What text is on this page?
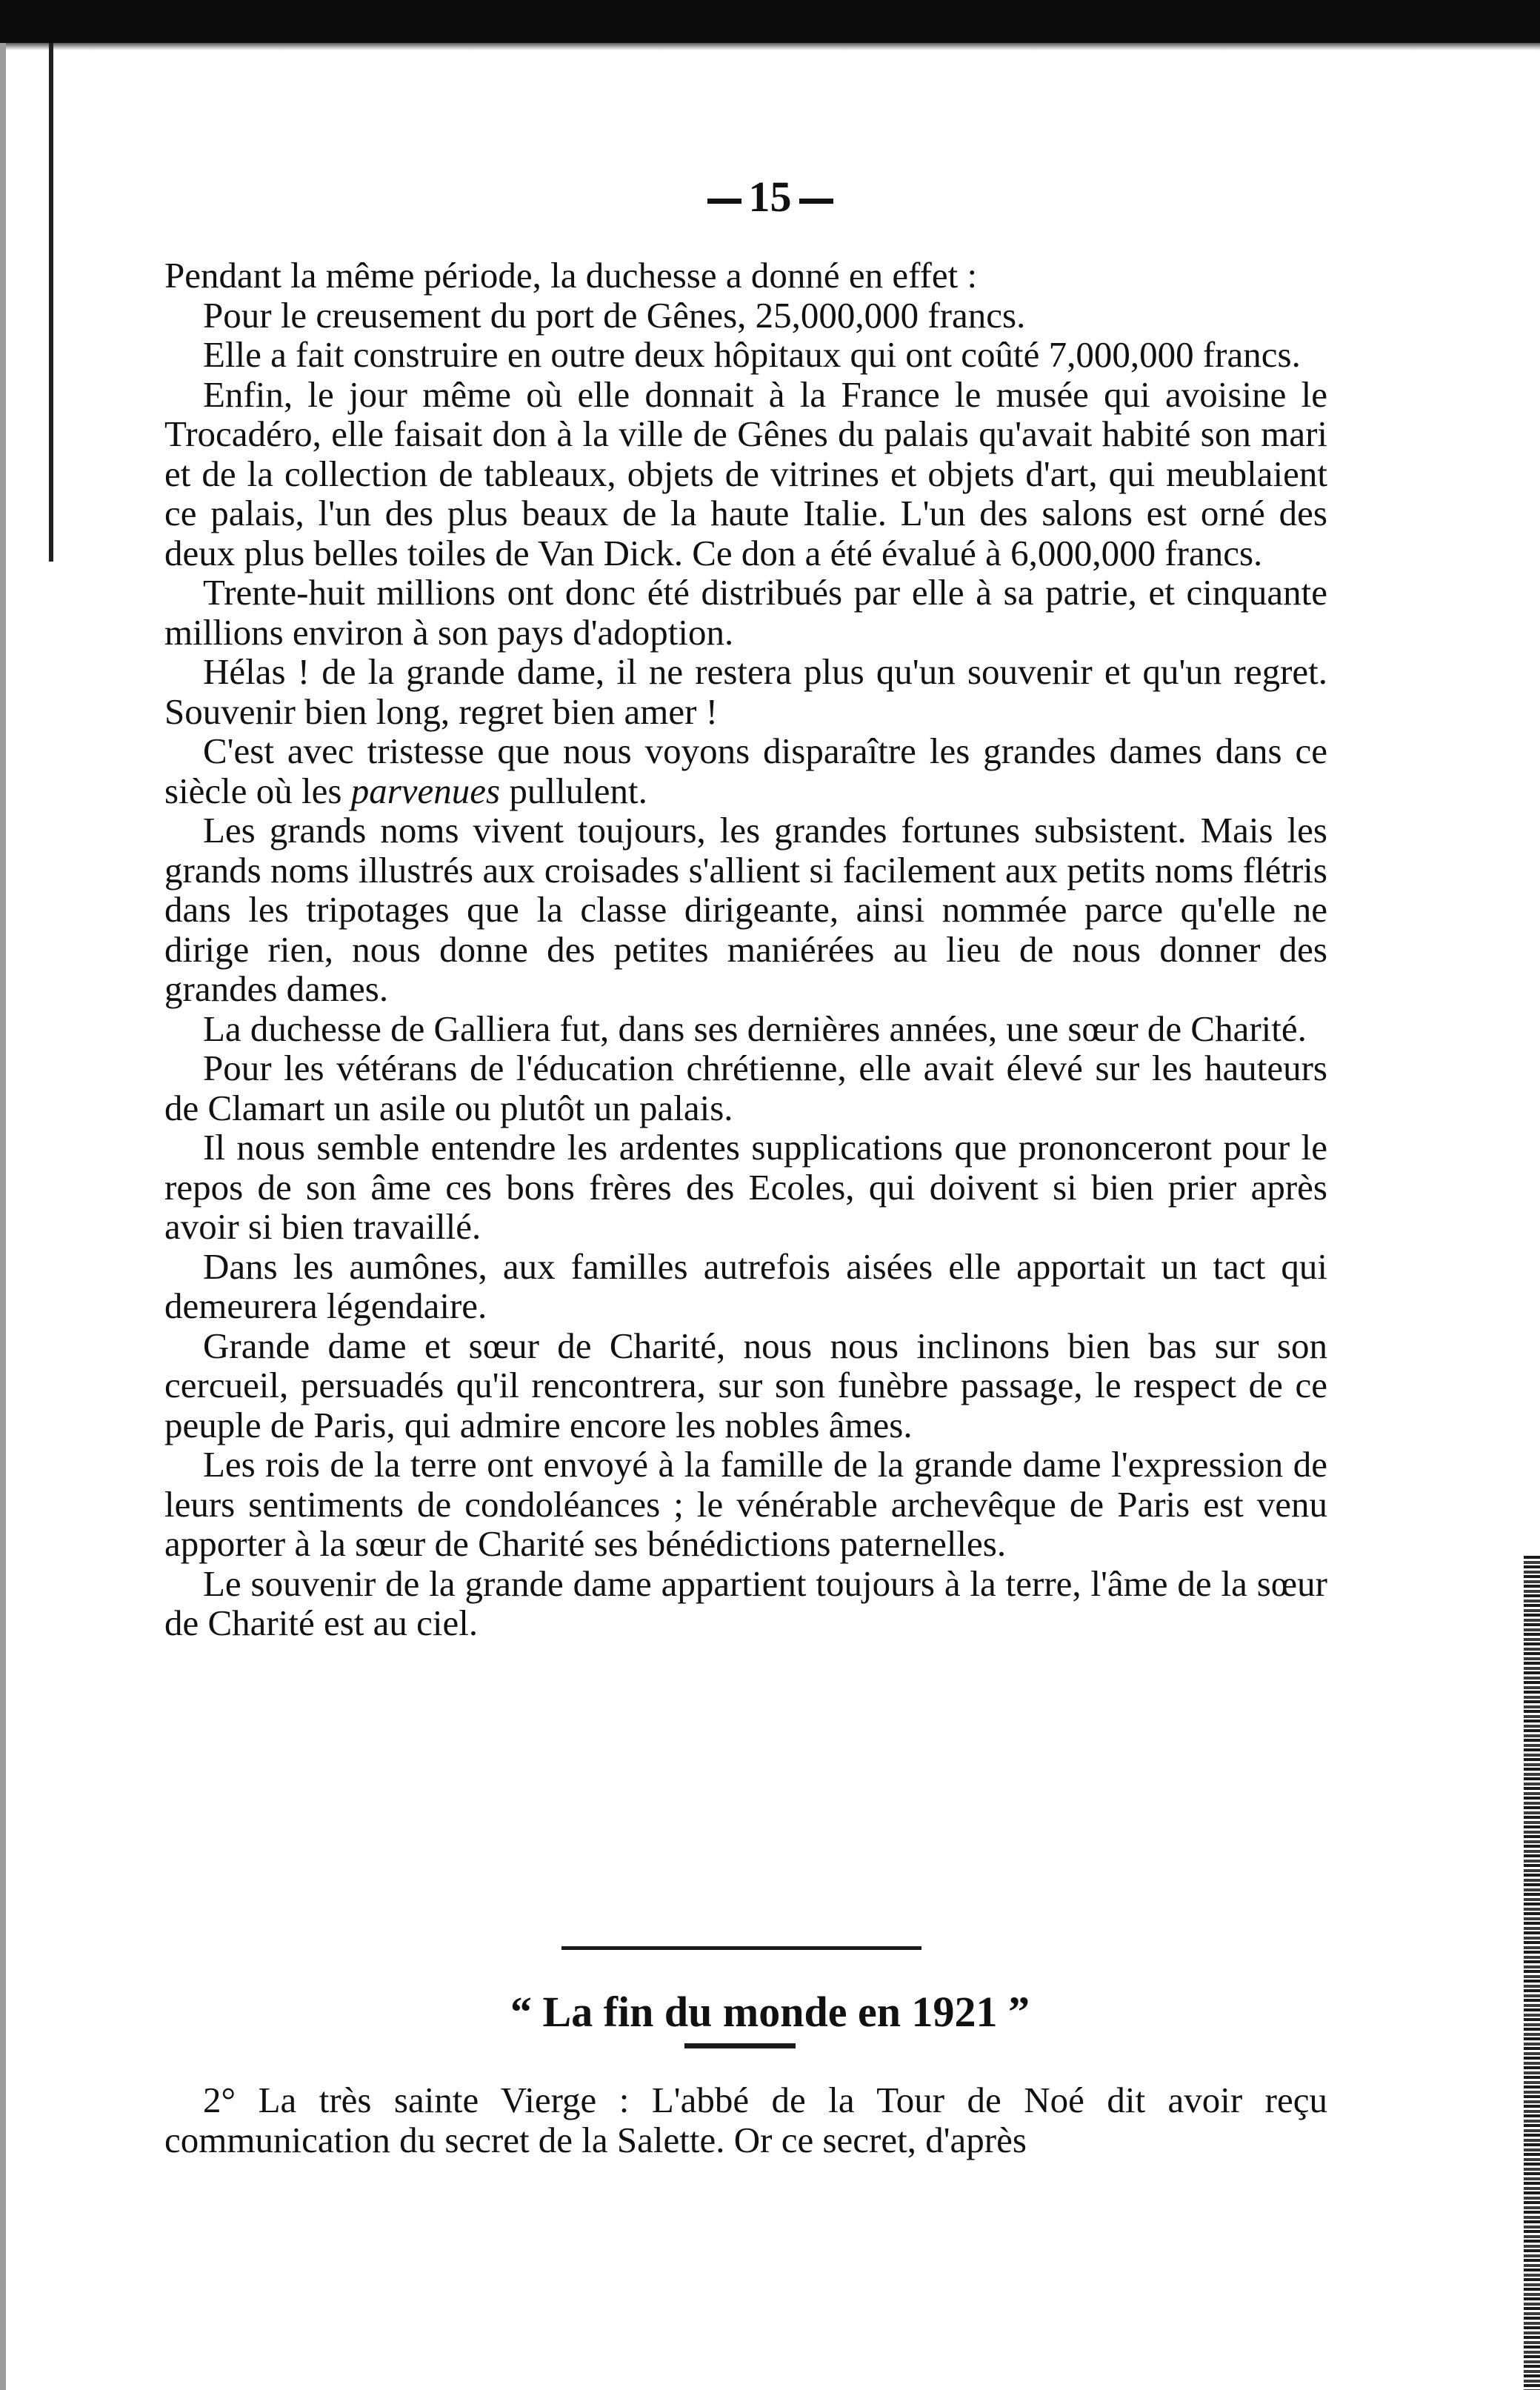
15

Pendant la même période, la duchesse a donné en effet :

Pour le creusement du port de Gênes, 25,000,000 francs.

Elle a fait construire en outre deux hôpitaux qui ont coûté 7,000,000 francs.

Enfin, le jour même où elle donnait à la France le musée qui avoisine le Trocadéro, elle faisait don à la ville de Gênes du palais qu'avait habité son mari et de la collection de tableaux, objets de vitrines et objets d'art, qui meublaient ce palais, l'un des plus beaux de la haute Italie. L'un des salons est orné des deux plus belles toiles de Van Dick. Ce don a été évalué à 6,000,000 francs.

Trente-huit millions ont donc été distribués par elle à sa patrie, et cinquante millions environ à son pays d'adoption.

Hélas ! de la grande dame, il ne restera plus qu'un souvenir et qu'un regret. Souvenir bien long, regret bien amer !

C'est avec tristesse que nous voyons disparaître les grandes dames dans ce siècle où les parvenues pullulent.

Les grands noms vivent toujours, les grandes fortunes subsistent. Mais les grands noms illustrés aux croisades s'allient si facilement aux petits noms flétris dans les tripotages que la classe dirigeante, ainsi nommée parce qu'elle ne dirige rien, nous donne des petites maniérées au lieu de nous donner des grandes dames.

La duchesse de Galliera fut, dans ses dernières années, une sœur de Charité.

Pour les vétérans de l'éducation chrétienne, elle avait élevé sur les hauteurs de Clamart un asile ou plutôt un palais.

Il nous semble entendre les ardentes supplications que prononceront pour le repos de son âme ces bons frères des Ecoles, qui doivent si bien prier après avoir si bien travaillé.

Dans les aumônes, aux familles autrefois aisées elle apportait un tact qui demeurera légendaire.

Grande dame et sœur de Charité, nous nous inclinons bien bas sur son cercueil, persuadés qu'il rencontrera, sur son funèbre passage, le respect de ce peuple de Paris, qui admire encore les nobles âmes.

Les rois de la terre ont envoyé à la famille de la grande dame l'expression de leurs sentiments de condoléances ; le vénérable archevêque de Paris est venu apporter à la sœur de Charité ses bénédictions paternelles.

Le souvenir de la grande dame appartient toujours à la terre, l'âme de la sœur de Charité est au ciel.

“ La fin du monde en 1921 ”

2° La très sainte Vierge : L'abbé de la Tour de Noé dit avoir reçu communication du secret de la Salette. Or ce secret, d'après
